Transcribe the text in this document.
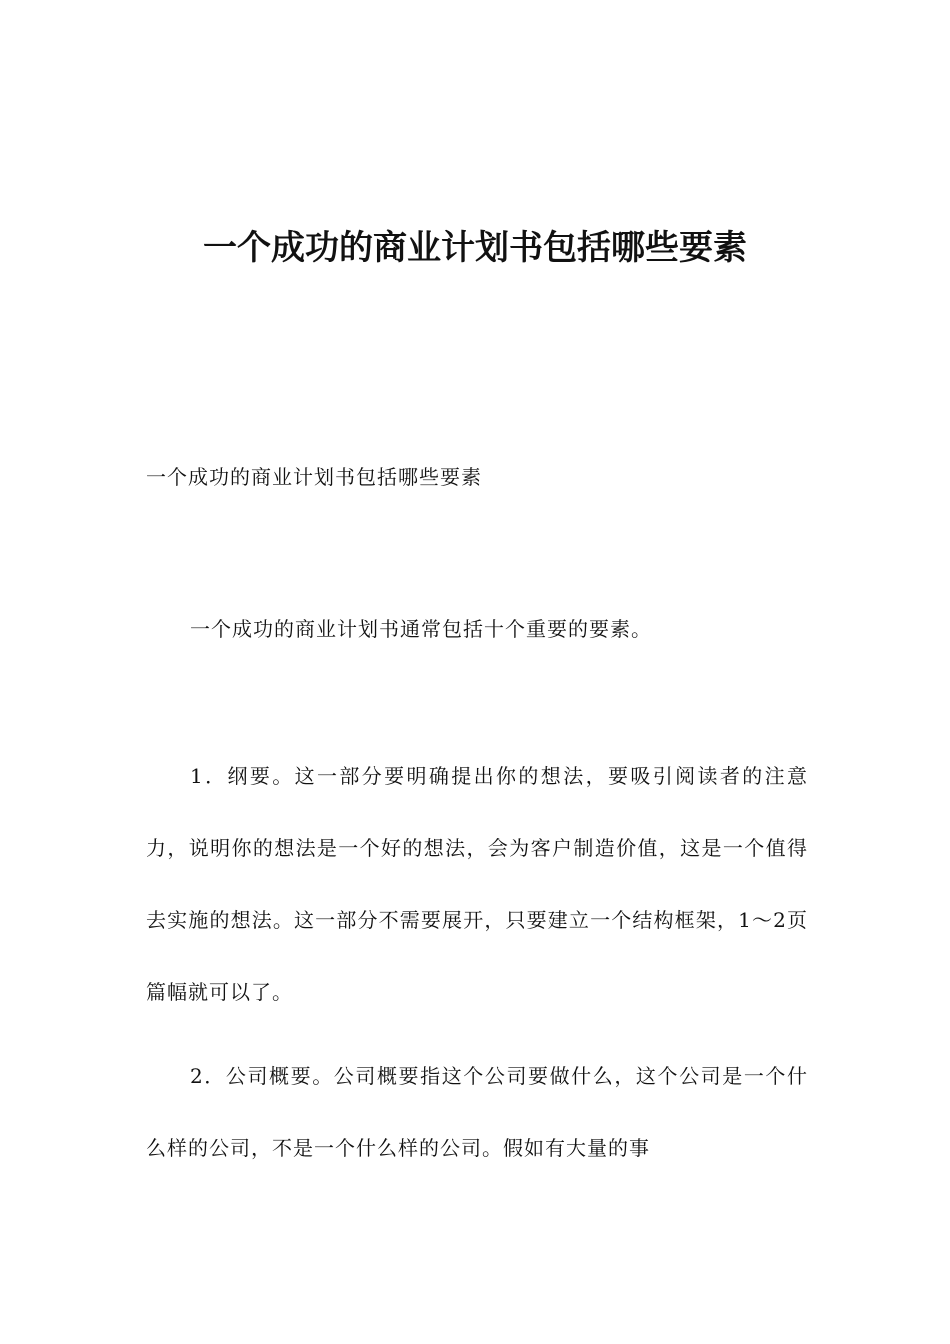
一个成功的商业计划书包括哪些要素

一个成功的商业计划书包括哪些要素

一个成功的商业计划书通常包括十个重要的要素。

1．纲要。这一部分要明确提出你的想法，要吸引阅读者的注意力，说明你的想法是一个好的想法，会为客户制造价值，这是一个值得去实施的想法。这一部分不需要展开，只要建立一个结构框架，1～2页篇幅就可以了。

2．公司概要。公司概要指这个公司要做什么，这个公司是一个什么样的公司，不是一个什么样的公司。假如有大量的事
